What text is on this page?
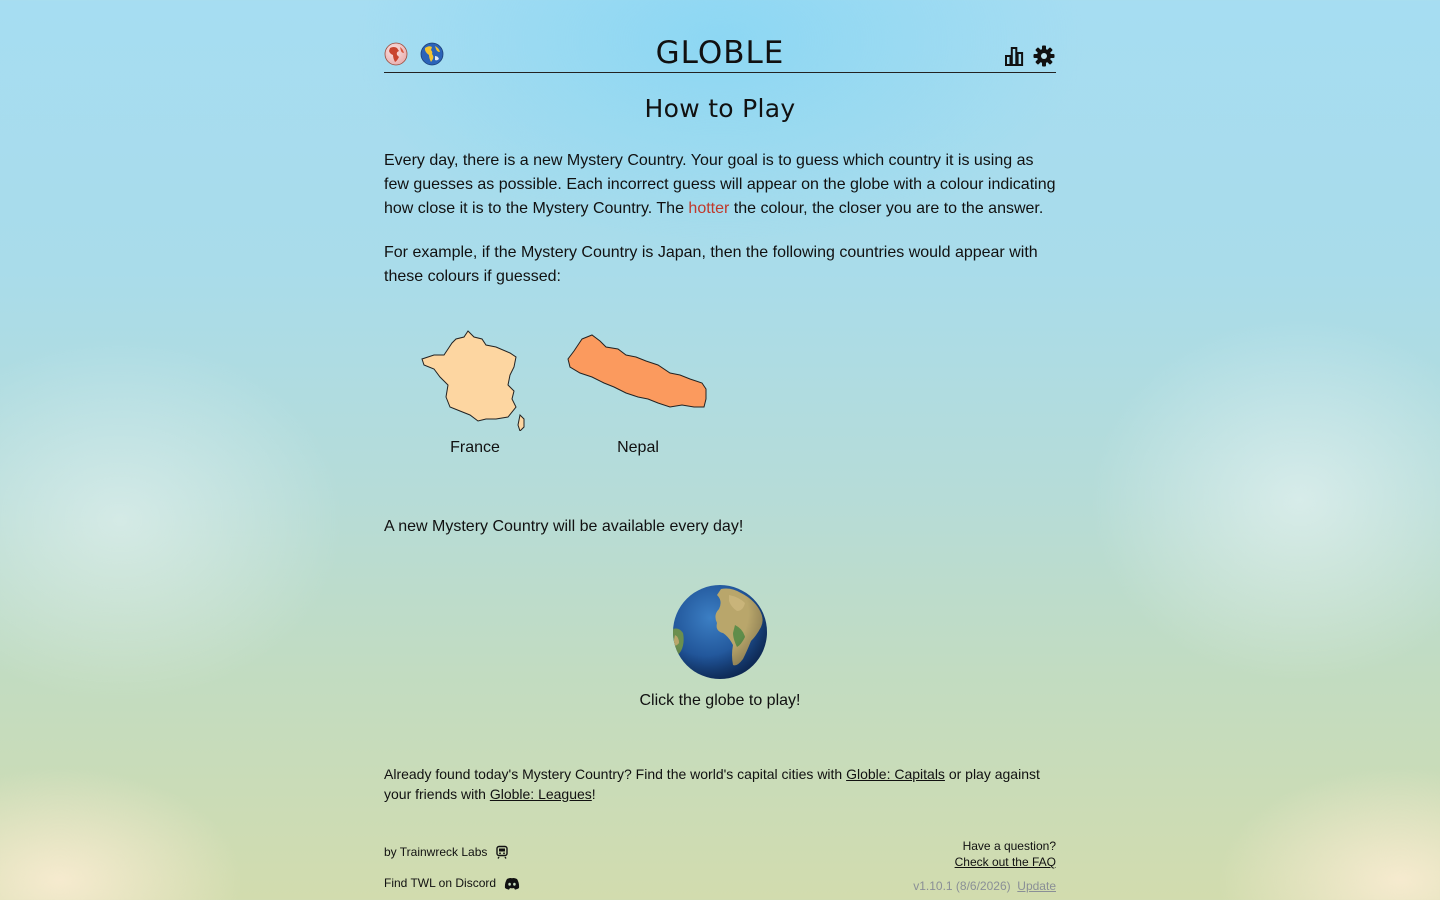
GLOBLE
How to Play

Every day, there is a new Mystery Country. Your goal is to guess which country it is using as few guesses as possible. Each incorrect guess will appear on the globe with a colour indicating how close it is to the Mystery Country. The hotter the colour, the closer you are to the answer.

For example, if the Mystery Country is Japan, then the following countries would appear with these colours if guessed:

France	Nepal

A new Mystery Country will be available every day!

Click the globe to play!
Already found today's Mystery Country? Find the world's capital cities with Globle: Capitals or play against your friends with Globle: Leagues!
by Trainwreck Labs
Find TWL on Discord
Have a question?
Check out the FAQ
v1.10.1 (8/6/2026) Update
